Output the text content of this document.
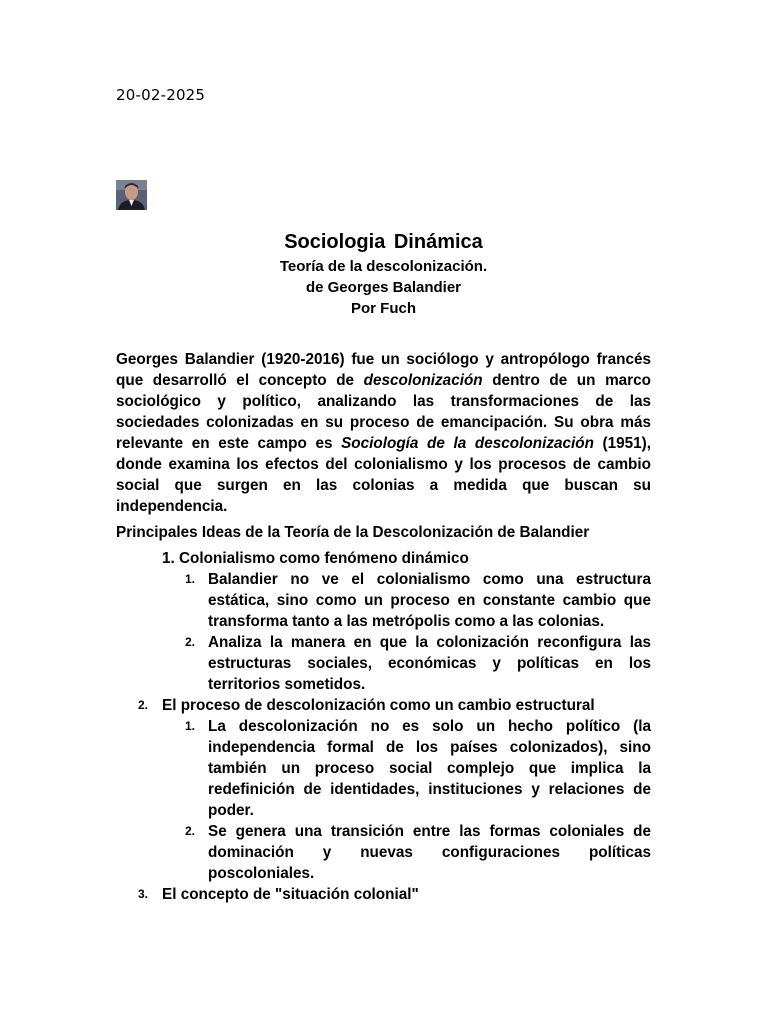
20-02-2025
Sociologia Dinámica
Teoría de la descolonización.
de Georges Balandier
Por Fuch

Georges Balandier (1920-2016) fue un sociólogo y antropólogo francés que desarrolló el concepto de descolonización dentro de un marco sociológico y político, analizando las transformaciones de las sociedades colonizadas en su proceso de emancipación. Su obra más relevante en este campo es Sociología de la descolonización (1951), donde examina los efectos del colonialismo y los procesos de cambio social que surgen en las colonias a medida que buscan su independencia.

Principales Ideas de la Teoría de la Descolonización de Balandier

1. Colonialismo como fenómeno dinámico
1. Balandier no ve el colonialismo como una estructura estática, sino como un proceso en constante cambio que transforma tanto a las metrópolis como a las colonias.
2. Analiza la manera en que la colonización reconfigura las estructuras sociales, económicas y políticas en los territorios sometidos.
2. El proceso de descolonización como un cambio estructural
1. La descolonización no es solo un hecho político (la independencia formal de los países colonizados), sino también un proceso social complejo que implica la redefinición de identidades, instituciones y relaciones de poder.
2. Se genera una transición entre las formas coloniales de dominación y nuevas configuraciones políticas poscoloniales.
3. El concepto de "situación colonial"
